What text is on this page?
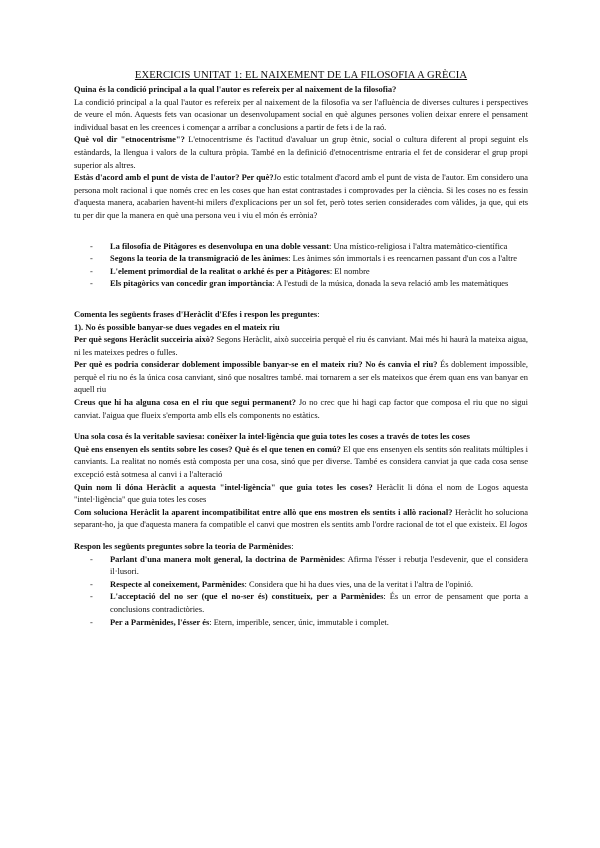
EXERCICIS UNITAT 1: EL NAIXEMENT DE LA FILOSOFIA A GRÈCIA

Quina és la condició principal a la qual l'autor es refereix per al naixement de la filosofia?

La condició principal a la qual l'autor es refereix per al naixement de la filosofia va ser l'afluència de diverses cultures i perspectives de veure el món. Aquests fets van ocasionar un desenvolupament social en què algunes persones volien deixar enrere el pensament individual basat en les creences i començar a arribar a conclusions a partir de fets i de la raó.

Què vol dir "etnocentrisme"? L'etnocentrisme és l'actitud d'avaluar un grup ètnic, social o cultura diferent al propi seguint els estàndards, la llengua i valors de la cultura pròpia. També en la definició d'etnocentrisme entraria el fet de considerar el grup propi superior als altres.

Estàs d'acord amb el punt de vista de l'autor? Per què?Jo estic totalment d'acord amb el punt de vista de l'autor. Em considero una persona molt racional i que només crec en les coses que han estat contrastades i comprovades per la ciència. Si les coses no es fessin d'aquesta manera, acabarien havent-hi milers d'explicacions per un sol fet, però totes serien considerades com vàlides, ja que, qui ets tu per dir que la manera en què una persona veu i viu el món és errònia?

- La filosofia de Pitàgores es desenvolupa en una doble vessant: Una místico-religiosa i l'altra matemàtico-científica
- Segons la teoria de la transmigració de les ànimes: Les ànimes són immortals i es reencarnen passant d'un cos a l'altre
- L'element primordial de la realitat o arkhé és per a Pitàgores: El nombre
- Els pitagòrics van concedir gran importància: A l'estudi de la música, donada la seva relació amb les matemàtiques

Comenta les següents frases d'Heràclit d'Efes i respon les preguntes:

1). No és possible banyar-se dues vegades en el mateix riu

Per què segons Heràclit succeiria això? Segons Heràclit, això succeiria perquè el riu és canviant. Mai més hi haurà la mateixa aigua, ni les mateixes pedres o fulles.

Per què es podria considerar doblement impossible banyar-se en el mateix riu? No és canvia el riu? És doblement impossible, perquè el riu no és la única cosa canviant, sinó que nosaltres també. mai tornarem a ser els mateixos que érem quan ens van banyar en aquell riu

Creus que hi ha alguna cosa en el riu que segui permanent? Jo no crec que hi hagi cap factor que composa el riu que no sigui canviat. l'aigua que flueix s'emporta amb ells els components no estàtics.

Una sola cosa és la veritable saviesa: conèixer la intel·ligència que guia totes les coses a través de totes les coses

Què ens ensenyen els sentits sobre les coses? Què és el que tenen en comú? El que ens ensenyen els sentits són realitats múltiples i canviants. La realitat no només està composta per una cosa, sinó que per diverse. També es considera canviat ja que cada cosa sense excepció està sotmesa al canvi i a l'alteració

Quin nom li dóna Heràclit a aquesta "intel·ligència" que guia totes les coses? Heràclit li dóna el nom de Logos aquesta "intel·ligència" que guia totes les coses

Com soluciona Heràclit la aparent incompatibilitat entre allò que ens mostren els sentits i allò racional? Heràclit ho soluciona separant-ho, ja que d'aquesta manera fa compatible el canvi que mostren els sentits amb l'ordre racional de tot el que existeix. El logos

Respon les següents preguntes sobre la teoria de Parmènides:

- Parlant d'una manera molt general, la doctrina de Parmènides: Afirma l'ésser i rebutja l'esdevenir, que el considera il·lusori.
- Respecte al coneixement, Parmènides: Considera que hi ha dues vies, una de la veritat i l'altra de l'opinió.
- L'acceptació del no ser (que el no-ser és) constitueix, per a Parmènides: És un error de pensament que porta a conclusions contradictòries.
- Per a Parmènides, l'ésser és: Etern, imperible, sencer, únic, immutable i complet.
